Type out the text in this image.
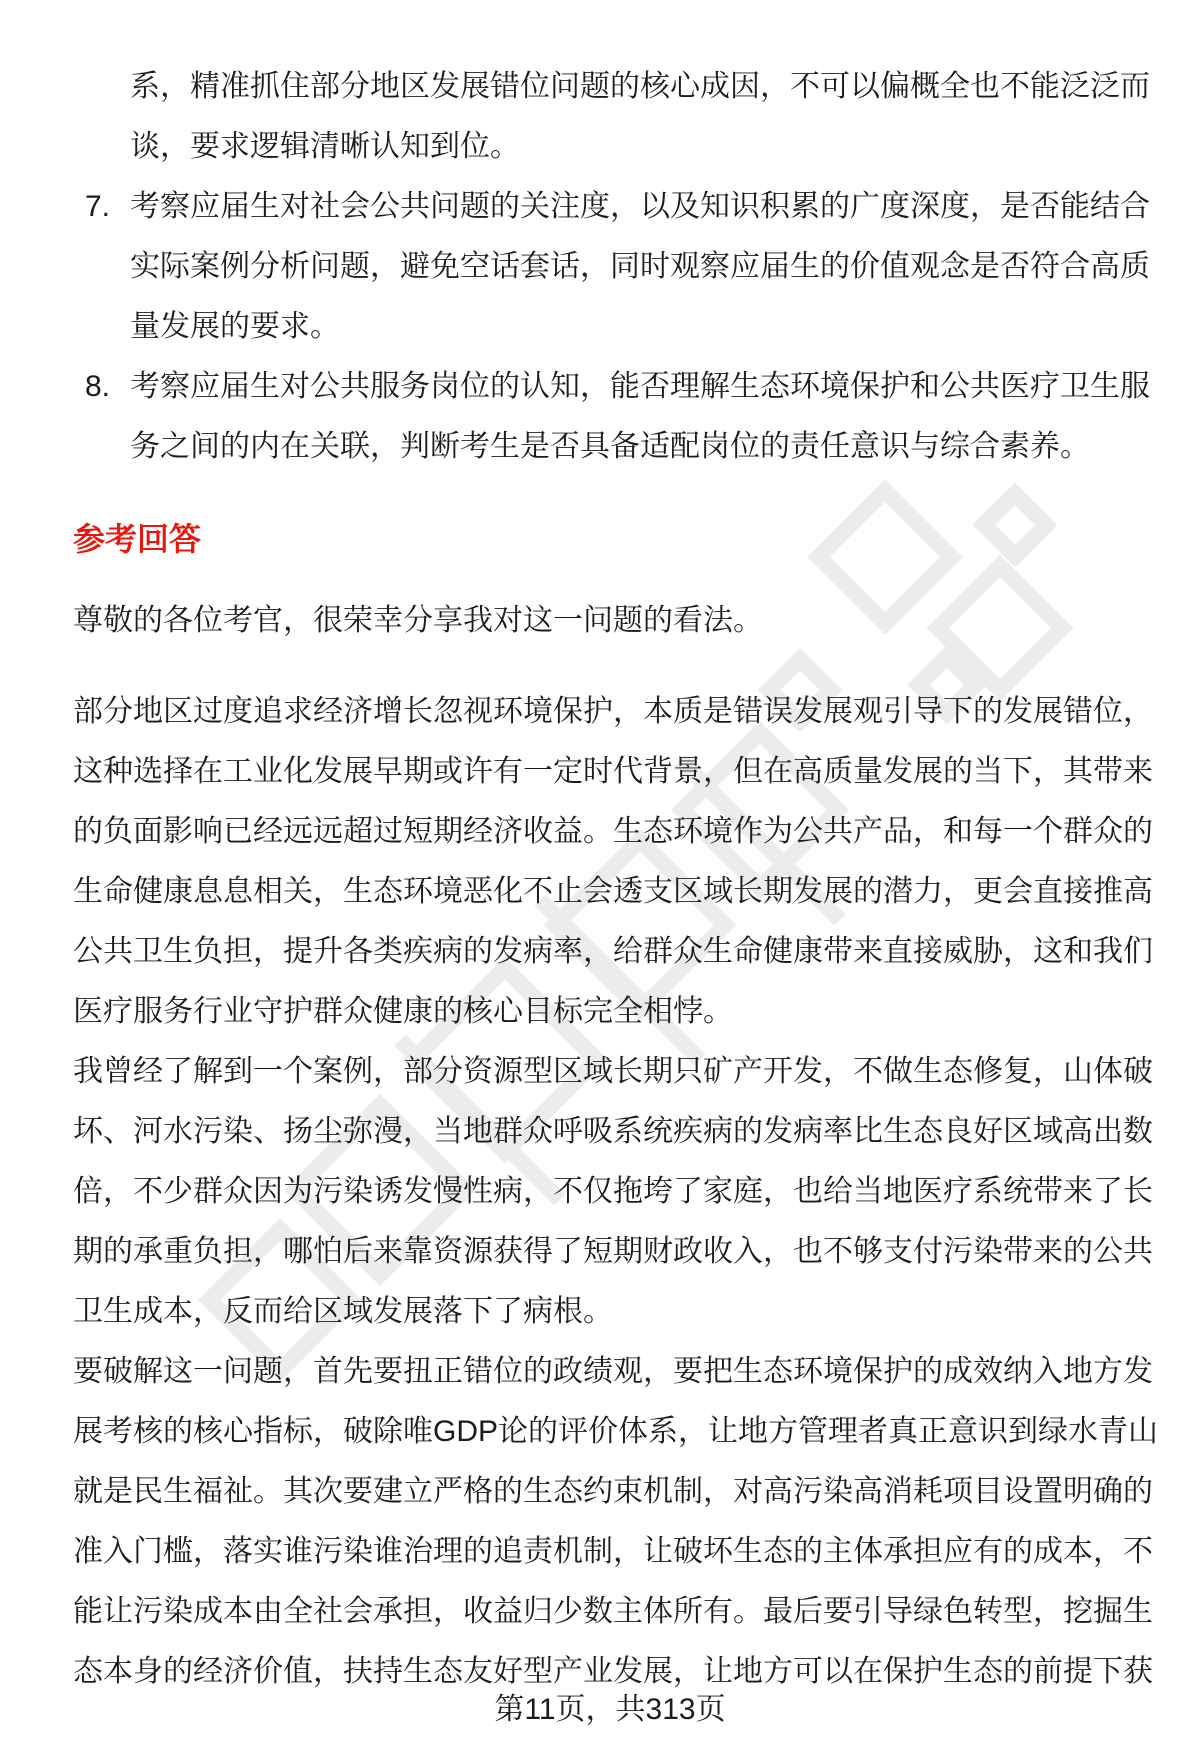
系，精准抓住部分地区发展错位问题的核心成因，不可以偏概全也不能泛泛而谈，要求逻辑清晰认知到位。
7. 考察应届生对社会公共问题的关注度，以及知识积累的广度深度，是否能结合实际案例分析问题，避免空话套话，同时观察应届生的价值观念是否符合高质量发展的要求。
8. 考察应届生对公共服务岗位的认知，能否理解生态环境保护和公共医疗卫生服务之间的内在关联，判断考生是否具备适配岗位的责任意识与综合素养。
参考回答

尊敬的各位考官，很荣幸分享我对这一问题的看法。

部分地区过度追求经济增长忽视环境保护，本质是错误发展观引导下的发展错位，这种选择在工业化发展早期或许有一定时代背景，但在高质量发展的当下，其带来的负面影响已经远远超过短期经济收益。生态环境作为公共产品，和每一个群众的生命健康息息相关，生态环境恶化不止会透支区域长期发展的潜力，更会直接推高公共卫生负担，提升各类疾病的发病率，给群众生命健康带来直接威胁，这和我们医疗服务行业守护群众健康的核心目标完全相悖。

我曾经了解到一个案例，部分资源型区域长期只矿产开发，不做生态修复，山体破坏、河水污染、扬尘弥漫，当地群众呼吸系统疾病的发病率比生态良好区域高出数倍，不少群众因为污染诱发慢性病，不仅拖垮了家庭，也给当地医疗系统带来了长期的承重负担，哪怕后来靠资源获得了短期财政收入，也不够支付污染带来的公共卫生成本，反而给区域发展落下了病根。

要破解这一问题，首先要扭正错位的政绩观，要把生态环境保护的成效纳入地方发展考核的核心指标，破除唯GDP论的评价体系，让地方管理者真正意识到绿水青山就是民生福祉。其次要建立严格的生态约束机制，对高污染高消耗项目设置明确的准入门槛，落实谁污染谁治理的追责机制，让破坏生态的主体承担应有的成本，不能让污染成本由全社会承担，收益归少数主体所有。最后要引导绿色转型，挖掘生态本身的经济价值，扶持生态友好型产业发展，让地方可以在保护生态的前提下获

第11页，共313页
